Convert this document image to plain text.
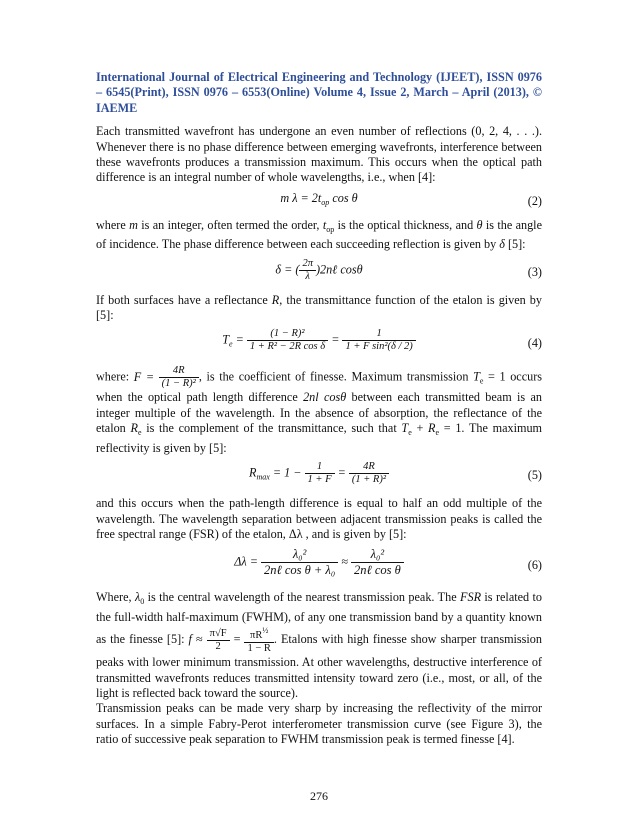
International Journal of Electrical Engineering and Technology (IJEET), ISSN 0976 – 6545(Print), ISSN 0976 – 6553(Online) Volume 4, Issue 2, March – April (2013), © IAEME

Each transmitted wavefront has undergone an even number of reflections (0, 2, 4, . . .). Whenever there is no phase difference between emerging wavefronts, interference between these wavefronts produces a transmission maximum. This occurs when the optical path difference is an integral number of whole wavelengths, i.e., when [4]:

m $\lambda = 2t_{op}$ cos θ	(2)

where m is an integer, often termed the order, $t_{op}$ is the optical thickness, and θ is the angle of incidence. The phase difference between each succeeding reflection is given by δ [5]:

δ = ( $\frac{2\pi}{\lambda}$ )2nℓ cosθ	(3)

If both surfaces have a reflectance R, the transmittance function of the etalon is given by [5]:

$T_e = \frac{\text{(1 − R)²}}{\text{1 + R² − 2R cos δ}} = \frac{1}{\text{1 + F sin²(δ / 2)}}$	(4)

where: $F = \frac{4R}{\text{(1 − R)²}}$ , is the coefficient of finesse. Maximum transmission $T_e = 1$ occurs when the optical path length difference 2nl cosθ between each transmitted beam is an integer multiple of the wavelength. In the absence of absorption, the reflectance of the etalon $R_e$ is the complement of the transmittance, such that $T_e + R_e = 1$. The maximum reflectivity is given by [5]:

$R_{max} = 1 - \frac{1}{1 + F} = \frac{4R}{\text{(1 + R)²}}$	(5)

and this occurs when the path-length difference is equal to half an odd multiple of the wavelength. The wavelength separation between adjacent transmission peaks is called the free spectral range (FSR) of the etalon, Δλ , and is given by [5]:

$\Delta\lambda = \frac{\text{λ₀²}}{\text{2nℓ cos θ + λ₀}} \approx \frac{\text{λ₀²}}{\text{2nℓ cos θ}}$	(6)

Where, $\lambda_0$ is the central wavelength of the nearest transmission peak. The FSR is related to the full-width half-maximum (FWHM), of any one transmission band by a quantity known as the finesse [5]: $f \approx \frac{\pi√F}{2} = \frac{\pi R^{\frac{1}{2}}}{1 - R}$ . Etalons with high finesse show sharper transmission peaks with lower minimum transmission. At other wavelengths, destructive interference of transmitted wavefronts reduces transmitted intensity toward zero (i.e., most, or all, of the light is reflected back toward the source).

Transmission peaks can be made very sharp by increasing the reflectivity of the mirror surfaces. In a simple Fabry-Perot interferometer transmission curve (see Figure 3), the ratio of successive peak separation to FWHM transmission peak is termed finesse [4].

276
